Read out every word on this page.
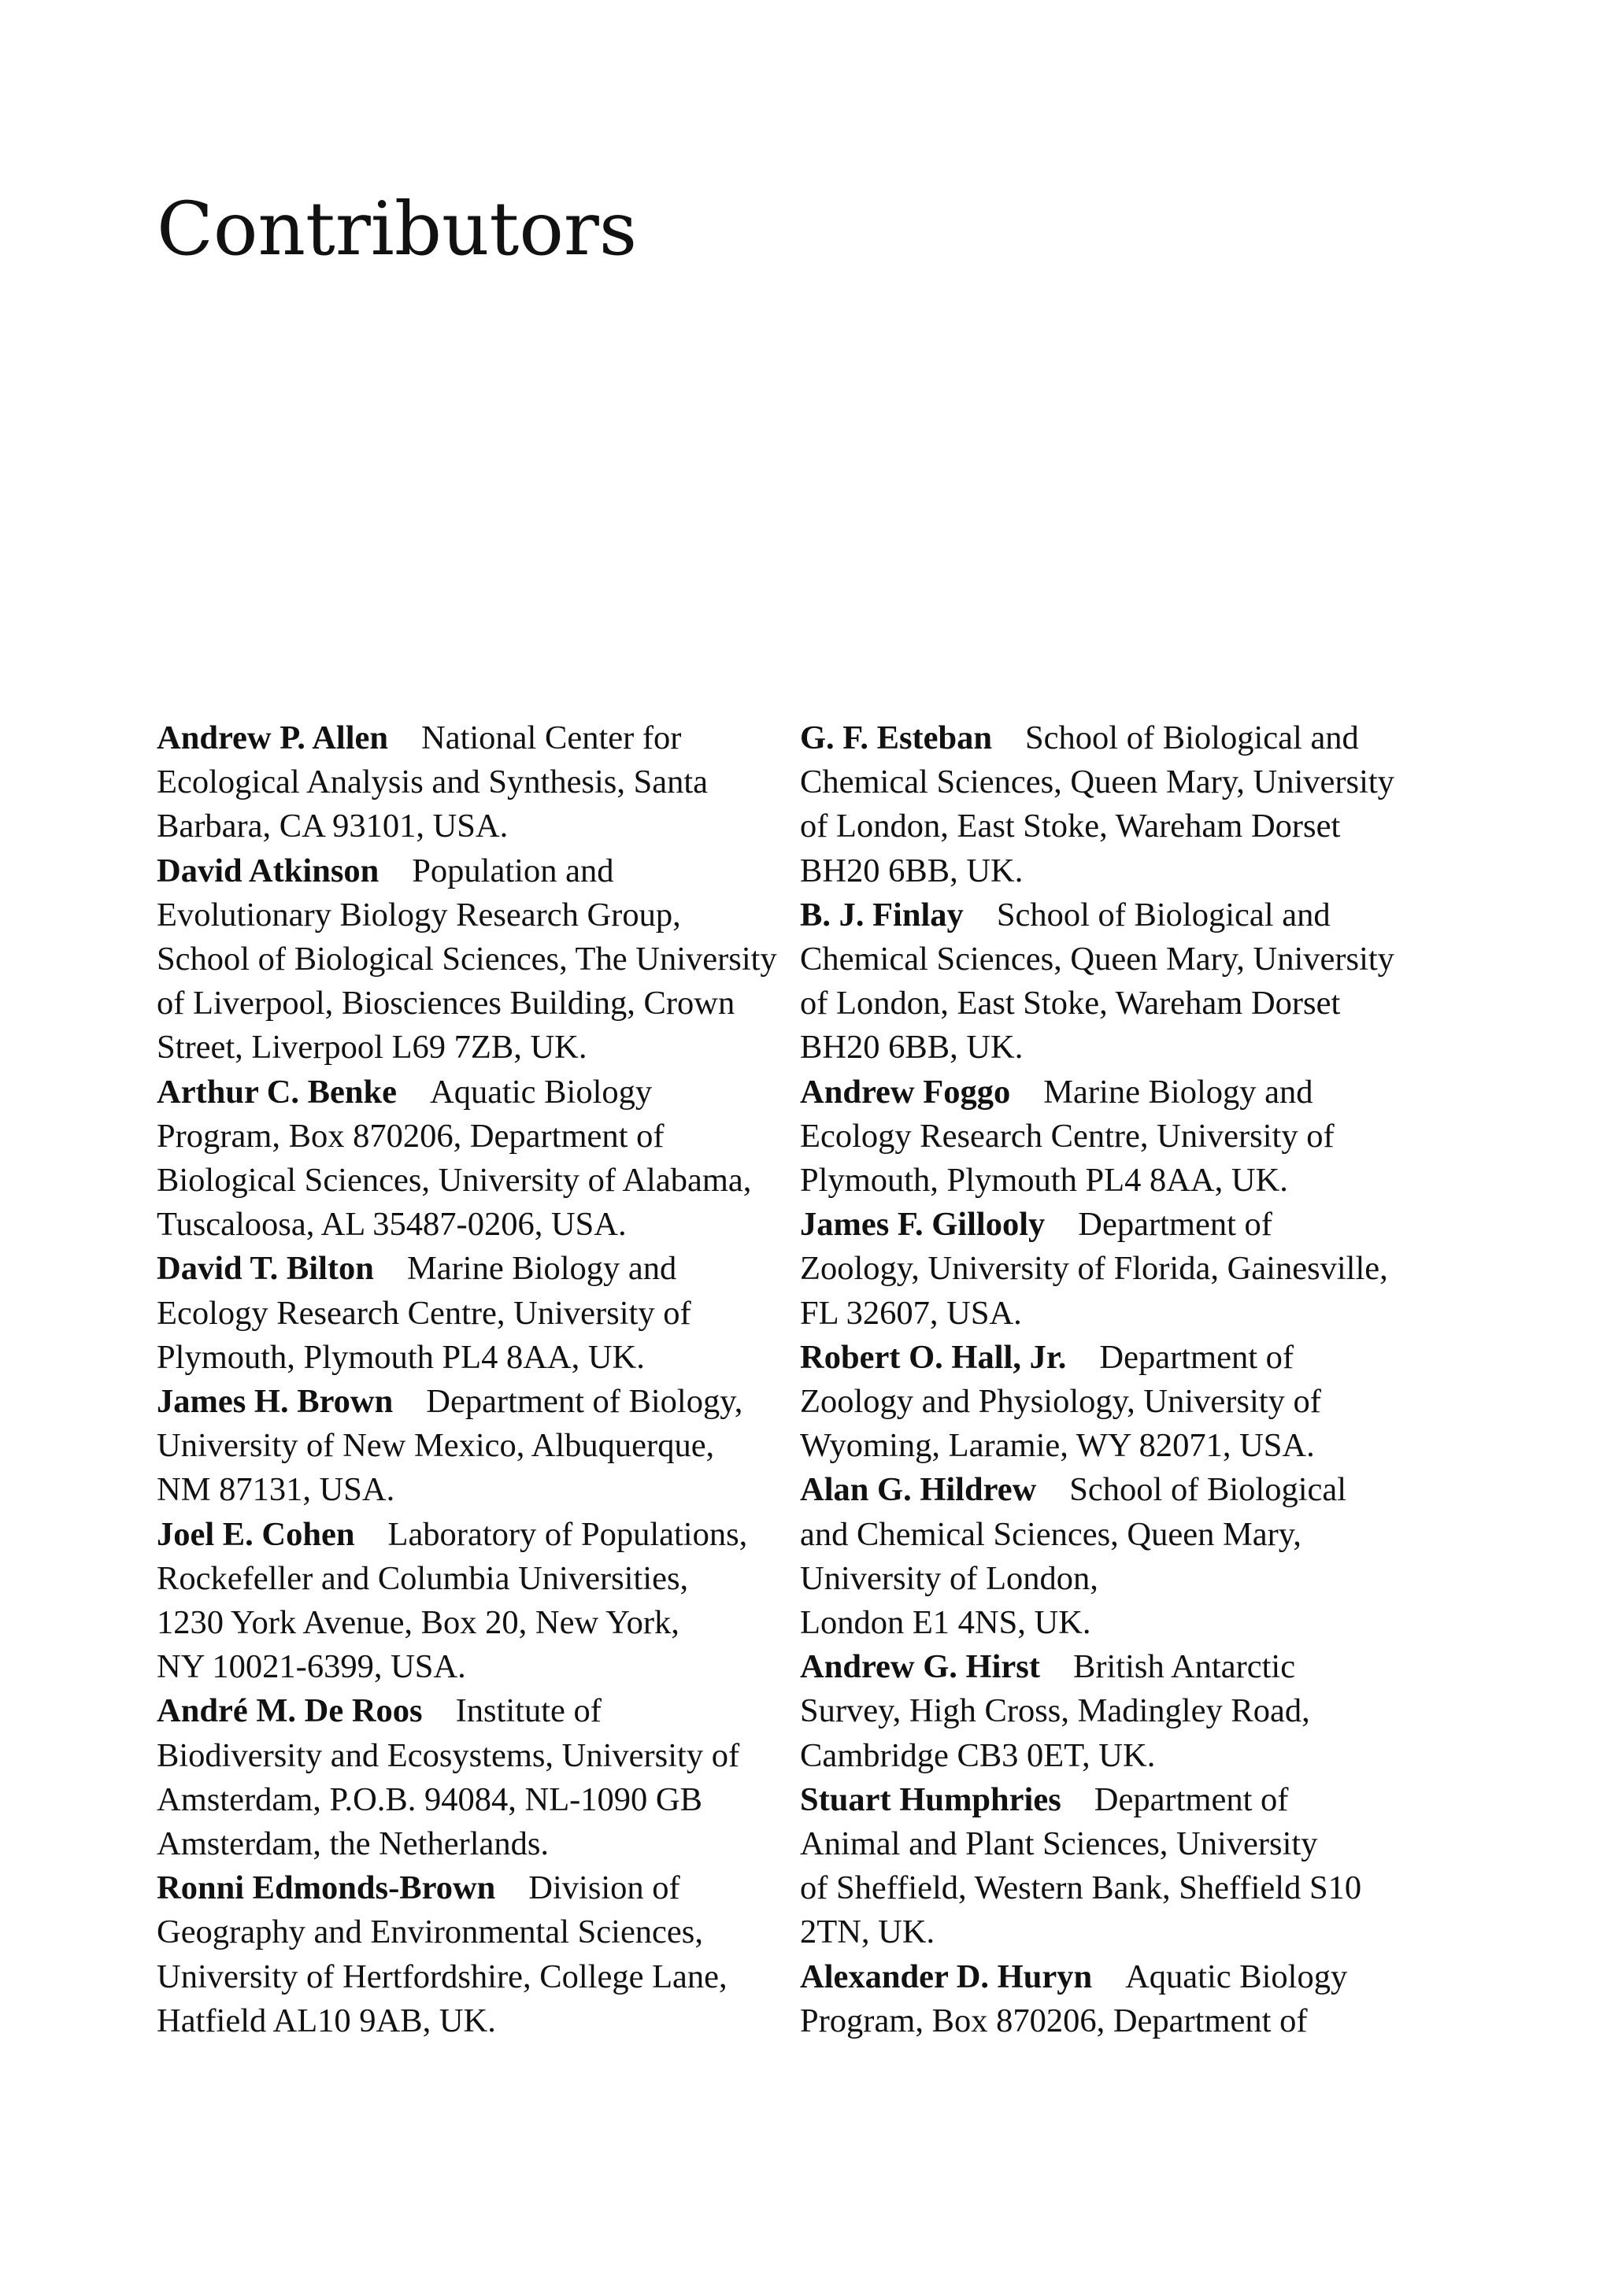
Contributors

Andrew P. Allen National Center for
Ecological Analysis and Synthesis, Santa
Barbara, CA 93101, USA.

David Atkinson Population and
Evolutionary Biology Research Group,
School of Biological Sciences, The University
of Liverpool, Biosciences Building, Crown
Street, Liverpool L69 7ZB, UK.

Arthur C. Benke Aquatic Biology
Program, Box 870206, Department of
Biological Sciences, University of Alabama,
Tuscaloosa, AL 35487-0206, USA.

David T. Bilton Marine Biology and
Ecology Research Centre, University of
Plymouth, Plymouth PL4 8AA, UK.

James H. Brown Department of Biology,
University of New Mexico, Albuquerque,
NM 87131, USA.

Joel E. Cohen Laboratory of Populations,
Rockefeller and Columbia Universities,
1230 York Avenue, Box 20, New York,
NY 10021-6399, USA.

André M. De Roos Institute of
Biodiversity and Ecosystems, University of
Amsterdam, P.O.B. 94084, NL-1090 GB
Amsterdam, the Netherlands.

Ronni Edmonds-Brown Division of
Geography and Environmental Sciences,
University of Hertfordshire, College Lane,
Hatfield AL10 9AB, UK.

G. F. Esteban School of Biological and
Chemical Sciences, Queen Mary, University
of London, East Stoke, Wareham Dorset
BH20 6BB, UK.

B. J. Finlay School of Biological and
Chemical Sciences, Queen Mary, University
of London, East Stoke, Wareham Dorset
BH20 6BB, UK.

Andrew Foggo Marine Biology and
Ecology Research Centre, University of
Plymouth, Plymouth PL4 8AA, UK.

James F. Gillooly Department of
Zoology, University of Florida, Gainesville,
FL 32607, USA.

Robert O. Hall, Jr. Department of
Zoology and Physiology, University of
Wyoming, Laramie, WY 82071, USA.

Alan G. Hildrew School of Biological
and Chemical Sciences, Queen Mary,
University of London,
London E1 4NS, UK.

Andrew G. Hirst British Antarctic
Survey, High Cross, Madingley Road,
Cambridge CB3 0ET, UK.

Stuart Humphries Department of
Animal and Plant Sciences, University
of Sheffield, Western Bank, Sheffield S10
2TN, UK.

Alexander D. Huryn Aquatic Biology
Program, Box 870206, Department of
